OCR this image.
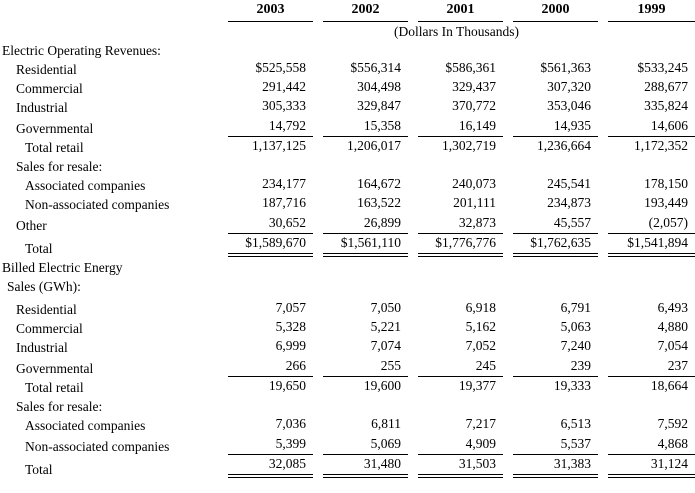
	2003	2002	2001	2000	1999

	(Dollars In Thousands)				
Electric Operating Revenues:					
Residential	$525,558	$556,314	$586,361	$561,363	$533,245

Commercial	291,442	304,498	329,437	307,320	288,677

Industrial	305,333	329,847	370,772	353,046	335,824

Governmental	14,792	15,358	16,149	14,935	14,606

Total retail	1,137,125	1,206,017	1,302,719	1,236,664	1,172,352

Sales for resale:					
Associated companies	234,177	164,672	240,073	245,541	178,150

Non-associated companies	187,716	163,522	201,111	234,873	193,449

Other	30,652	26,899	32,873	45,557	(2,057)

Total	$1,589,670	$1,561,110	$1,776,776	$1,762,635	$1,541,894

Billed Electric Energy					
Sales (GWh):					
Residential	7,057	7,050	6,918	6,791	6,493

Commercial	5,328	5,221	5,162	5,063	4,880

Industrial	6,999	7,074	7,052	7,240	7,054

Governmental	266	255	245	239	237

Total retail	19,650	19,600	19,377	19,333	18,664

Sales for resale:					
Associated companies	7,036	6,811	7,217	6,513	7,592

Non-associated companies	5,399	5,069	4,909	5,537	4,868

Total	32,085	31,480	31,503	31,383	31,124
